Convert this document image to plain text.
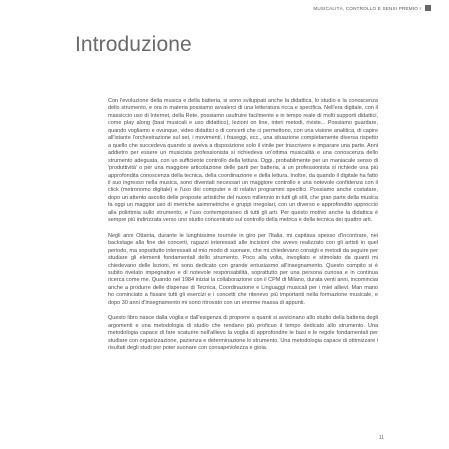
MUSICALITÀ, CONTROLLO E SENSI PREMIO I
Introduzione

Con l'evoluzione della musica e della batteria, si sono sviluppati anche la didattica, lo studio e la conoscenza dello strumento, e ora in materia possiamo avvalerci di una letteratura ricca e specifica. Nell'era digitale, con il massiccio uso di Internet, della Rete, possiamo usufruire facilmente e in tempo reale di molti supporti didattici, come play along (basi musicali e uso didattico), lezioni on line, interi metodi, riviste... Possiamo guardare, quando vogliamo e ovunque, video didattici o di concerti che ci permettono, con una visione analitica, di capire all'istante l'orchestrazione sul set, i movimenti, i fraseggi, ecc., una situazione completamente diversa rispetto a quello che succedeva quando si aveva a disposizione solo il vinile per trascrivere e imparare una parte. Anni addietro per essere un musicista professionista si richiedeva un'ottima musicalità e una conoscenza dello strumento adeguata, con un sufficiente controllo della lettura. Oggi, probabilmente per un maniacale senso di 'produttività' o per una maggiore articolazione delle parti per batteria, a un professionista si richiede una più approfondita conoscenza della tecnica, della coordinazione e della lettura. Inoltre, da quando il digitale ha fatto il suo ingresso nella musica, sono diventati necessari un maggiore controllo e una notevole confidenza con il click (metronomo digitale) e l'uso dei computer e di relativi programmi specifici. Possiamo anche costatare, dopo un attento ascolto delle proposte artistiche del nuovo millennio in tutti gli stili, che gran parte della musica fa oggi un maggior uso di metriche asimmetriche e gruppi irregolari, con un diverso e approfondito approccio alla poliritmia sullo strumento, e l'uso contemporaneo di tutti gli arti. Per questo motivo anche la didattica è sempre più indirizzata verso uno studio concentrato sul controllo della metrica e della tecnica dei quattro arti.

Negli anni Ottanta, durante le lunghissime tournée in giro per l'Italia, mi capitava spesso d'incontrare, nei backstage alla fine dei concerti, ragazzi interessati alle incisioni che avevo realizzato con gli artisti in quel periodo, ma soprattutto interessati al mio modo di suonare, che mi chiedevano consigli e metodi da seguire per studiare gli elementi fondamentali dello strumento. Poco alla volta, invogliato e stimolato da quanti mi chiedevano delle lezioni, mi sono dedicato con grande entusiasmo all'insegnamento. Questo compito si è subito rivelato impegnativo e di notevole responsabilità, soprattutto per una persona curiosa e in continua ricerca come me. Quando nel 1984 iniziai la collaborazione con il CPM di Milano, durata venti anni, incominciai anche a produrre delle dispense di Tecnica, Coordinazione e Linguaggi musicali per i miei allievi. Man mano ho cominciato a fissare tutti gli esercizi e i concetti che ritenevo più importanti nella formazione musicale, e dopo 30 anni d'insegnamento mi sono ritrovato con un enorme massa di appunti.

Questo libro nasce dalla voglia e dall'esigenza di proporre a quanti si avvicinano allo studio della batteria degli argomenti e una metodologia di studio che rendano più proficuo il tempo dedicato allo strumento. Una metodologia capace di fare scaturire nell'allievo la voglia di approfondire le basi e le regole fondamentali per studiare con organizzazione, pazienza e determinazione lo strumento. Una metodologia capace di ottimizzare i risultati degli studi per poter suonare con consapevolezza e gioia.

11
